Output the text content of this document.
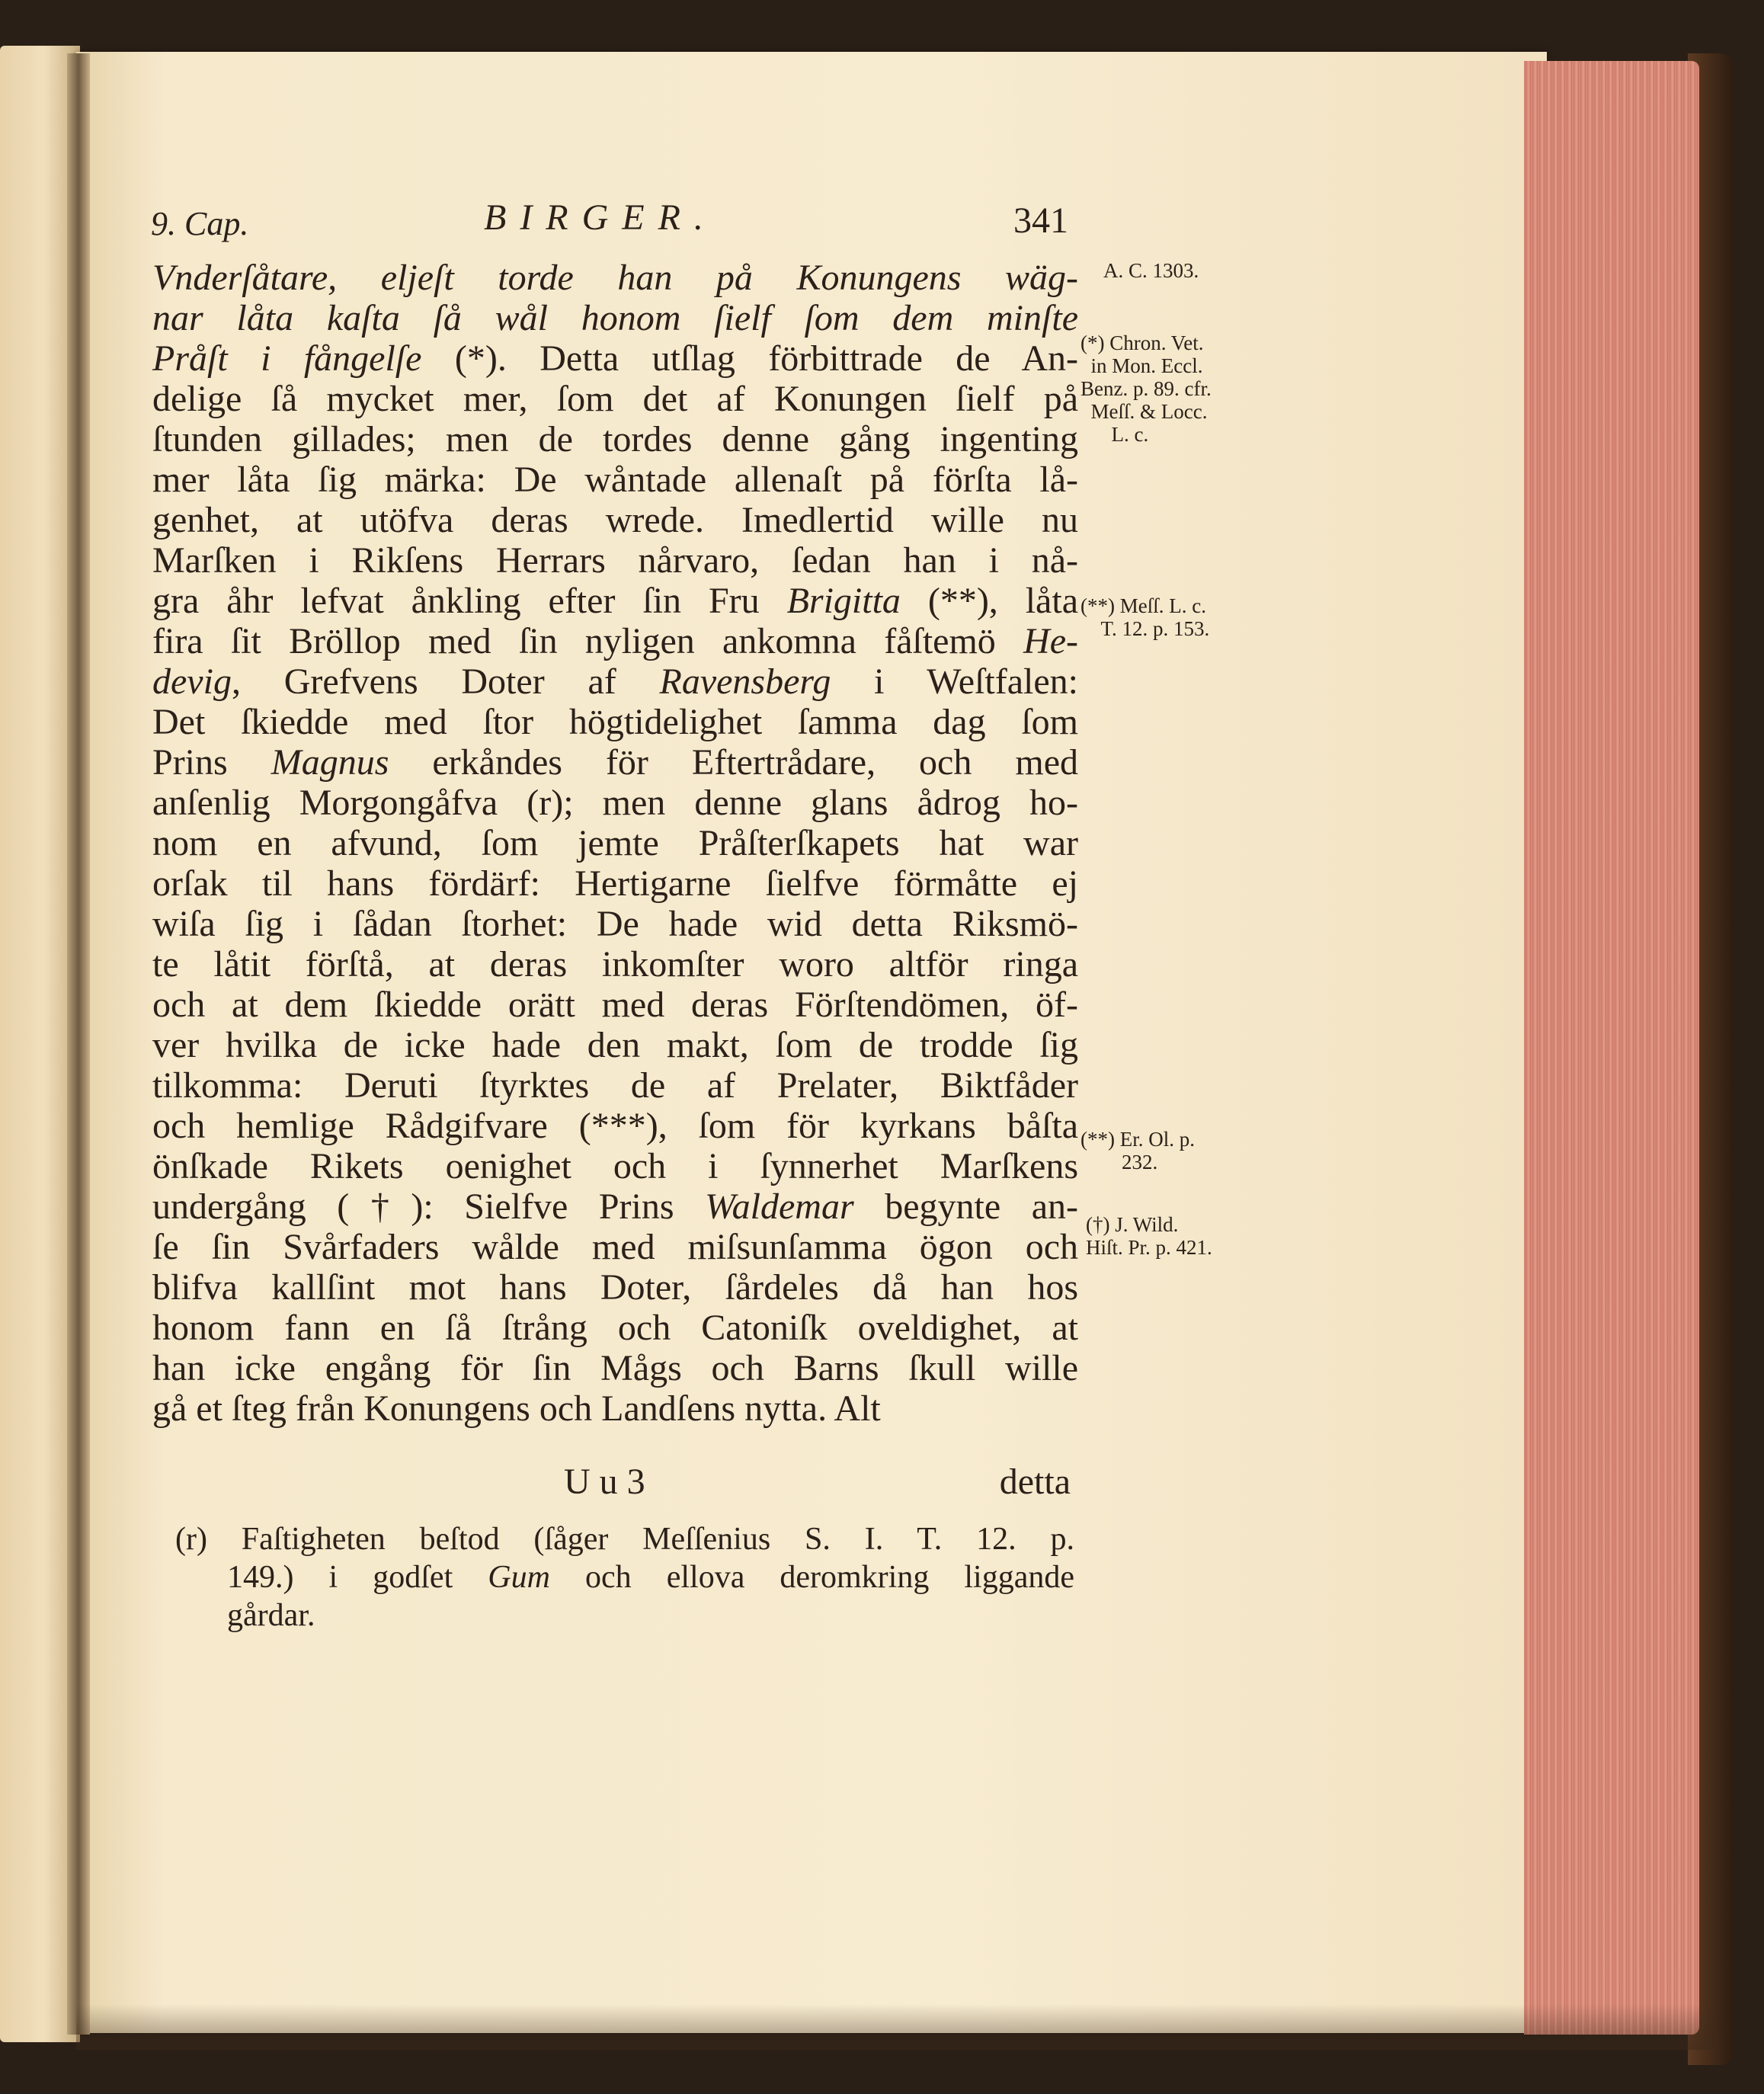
9. Cap.	BIRGER.	341
Vnderſåtare, eljeſt torde han på Konungens wäg-
nar låta kaſta ſå wål honom ſielf ſom dem minſte
Pråſt i fångelſe (*). Detta utſlag förbittrade de An-
delige ſå mycket mer, ſom det af Konungen ſielf på
ſtunden gillades; men de tordes denne gång ingenting
mer låta ſig märka: De wåntade allenaſt på förſta lå-
genhet, at utöfva deras wrede. Imedlertid wille nu
Marſken i Rikſens Herrars nårvaro, ſedan han i nå-
gra åhr lefvat ånkling efter ſin Fru Brigitta (**), låta
fira ſit Bröllop med ſin nyligen ankomna fåſtemö He-
devig, Grefvens Doter af Ravensberg i Weſtfalen:
Det ſkiedde med ſtor högtidelighet ſamma dag ſom
Prins Magnus erkåndes för Eftertrådare, och med
anſenlig Morgongåfva (r); men denne glans ådrog ho-
nom en afvund, ſom jemte Pråſterſkapets hat war
orſak til hans fördärf: Hertigarne ſielfve förmåtte ej
wiſa ſig i ſådan ſtorhet: De hade wid detta Riksmö-
te låtit förſtå, at deras inkomſter woro altför ringa
och at dem ſkiedde orätt med deras Förſtendömen, öf-
ver hvilka de icke hade den makt, ſom de trodde ſig
tilkomma: Deruti ſtyrktes de af Prelater, Biktfåder
och hemlige Rådgifvare (***), ſom för kyrkans båſta
önſkade Rikets oenighet och i ſynnerhet Marſkens
undergång (†): Sielfve Prins Waldemar begynte an-
ſe ſin Svårfaders wålde med miſsunſamma ögon och
blifva kallſint mot hans Doter, ſårdeles då han hos
honom fann en ſå ſtrång och Catoniſk oveldighet, at
han icke engång för ſin Mågs och Barns ſkull wille
gå et ſteg från Konungens och Landſens nytta. Alt
U u 3	detta
(r) Faſtigheten beſtod (ſåger Meſſenius S. I. T. 12. p.
149.) i godſet Gum och ellova deromkring liggande
gårdar.
A. C. 1303.
(*) Chron. Vet.
in Mon. Eccl.
Benz. p. 89. cfr.
Meſſ. & Locc.
L. c.
(**) Meſſ. L. c.
T. 12. p. 153.
(**) Er. Ol. p.
232.
(†) J. Wild.
Hiſt. Pr. p. 421.
